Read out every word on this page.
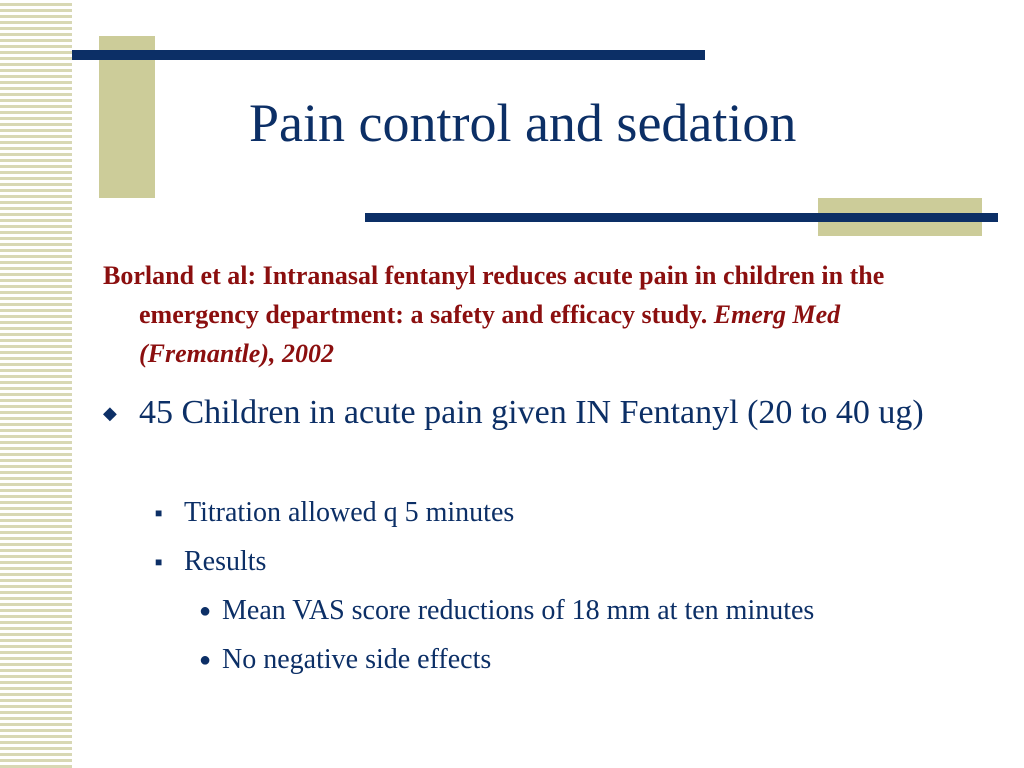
Pain control and sedation

Borland et al: Intranasal fentanyl reduces acute pain in children in the emergency department: a safety and efficacy study. Emerg Med (Fremantle), 2002

◆ 45 Children in acute pain given IN Fentanyl (20 to 40 ug)
■ Titration allowed q 5 minutes
■ Results
● Mean VAS score reductions of 18 mm at ten minutes
● No negative side effects
